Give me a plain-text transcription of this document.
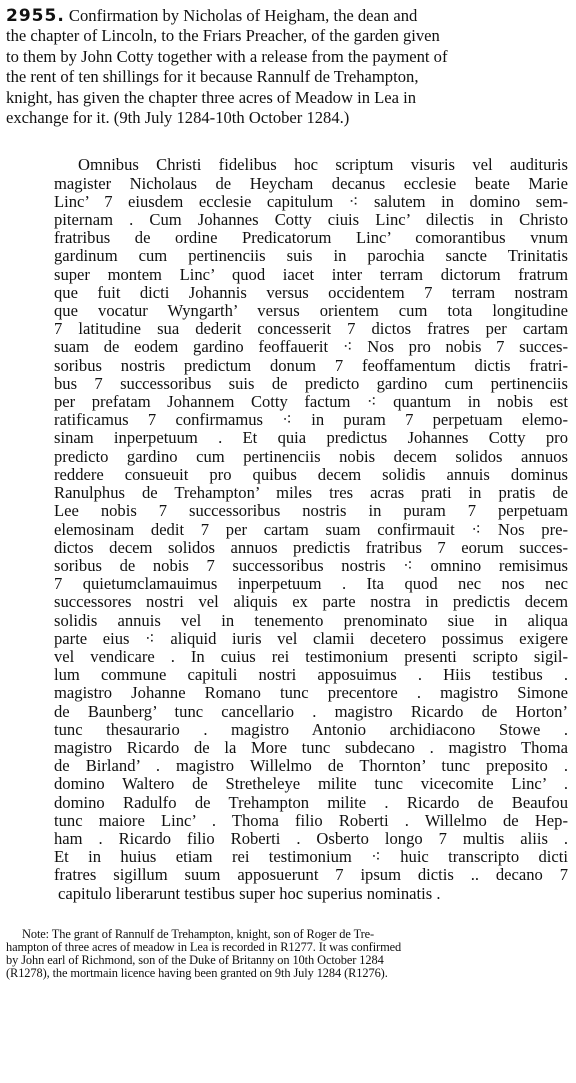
2955. Confirmation by Nicholas of Heigham, the dean and
the chapter of Lincoln, to the Friars Preacher, of the garden given
to them by John Cotty together with a release from the payment of
the rent of ten shillings for it because Rannulf de Trehampton,
knight, has given the chapter three acres of Meadow in Lea in
exchange for it. (9th July 1284-10th October 1284.)
Omnibus Christi fidelibus hoc scriptum visuris vel audituris
magister Nicholaus de Heycham decanus ecclesie beate Marie
Linc’ 7 eiusdem ecclesie capitulum ⁖ salutem in domino sem-
piternam . Cum Johannes Cotty ciuis Linc’ dilectis in Christo
fratribus de ordine Predicatorum Linc’ comorantibus vnum
gardinum cum pertinenciis suis in parochia sancte Trinitatis
super montem Linc’ quod iacet inter terram dictorum fratrum
que fuit dicti Johannis versus occidentem 7 terram nostram
que vocatur Wyngarth’ versus orientem cum tota longitudine
7 latitudine sua dederit concesserit 7 dictos fratres per cartam
suam de eodem gardino feoffauerit ⁖ Nos pro nobis 7 succes-
soribus nostris predictum donum 7 feoffamentum dictis fratri-
bus 7 successoribus suis de predicto gardino cum pertinenciis
per prefatam Johannem Cotty factum ⁖ quantum in nobis est
ratificamus 7 confirmamus ⁖ in puram 7 perpetuam elemo-
sinam inperpetuum . Et quia predictus Johannes Cotty pro
predicto gardino cum pertinenciis nobis decem solidos annuos
reddere consueuit pro quibus decem solidis annuis dominus
Ranulphus de Trehampton’ miles tres acras prati in pratis de
Lee nobis 7 successoribus nostris in puram 7 perpetuam
elemosinam dedit 7 per cartam suam confirmauit ⁖ Nos pre-
dictos decem solidos annuos predictis fratribus 7 eorum succes-
soribus de nobis 7 successoribus nostris ⁖ omnino remisimus
7 quietumclamauimus inperpetuum . Ita quod nec nos nec
successores nostri vel aliquis ex parte nostra in predictis decem
solidis annuis vel in tenemento prenominato siue in aliqua
parte eius ⁖ aliquid iuris vel clamii decetero possimus exigere
vel vendicare . In cuius rei testimonium presenti scripto sigil-
lum commune capituli nostri apposuimus . Hiis testibus .
magistro Johanne Romano tunc precentore . magistro Simone
de Baunberg’ tunc cancellario . magistro Ricardo de Horton’
tunc thesaurario . magistro Antonio archidiacono Stowe .
magistro Ricardo de la More tunc subdecano . magistro Thoma
de Birland’ . magistro Willelmo de Thornton’ tunc preposito .
domino Waltero de Stretheleye milite tunc vicecomite Linc’ .
domino Radulfo de Trehampton milite . Ricardo de Beaufou
tunc maiore Linc’ . Thoma filio Roberti . Willelmo de Hep-
ham . Ricardo filio Roberti . Osberto longo 7 multis aliis .
Et in huius etiam rei testimonium ⁖ huic transcripto dicti
fratres sigillum suum apposuerunt 7 ipsum dictis .. decano 7
capitulo liberarunt testibus super hoc superius nominatis .
Note: The grant of Rannulf de Trehampton, knight, son of Roger de Tre-
hampton of three acres of meadow in Lea is recorded in R1277. It was confirmed
by John earl of Richmond, son of the Duke of Britanny on 10th October 1284
(R1278), the mortmain licence having been granted on 9th July 1284 (R1276).
